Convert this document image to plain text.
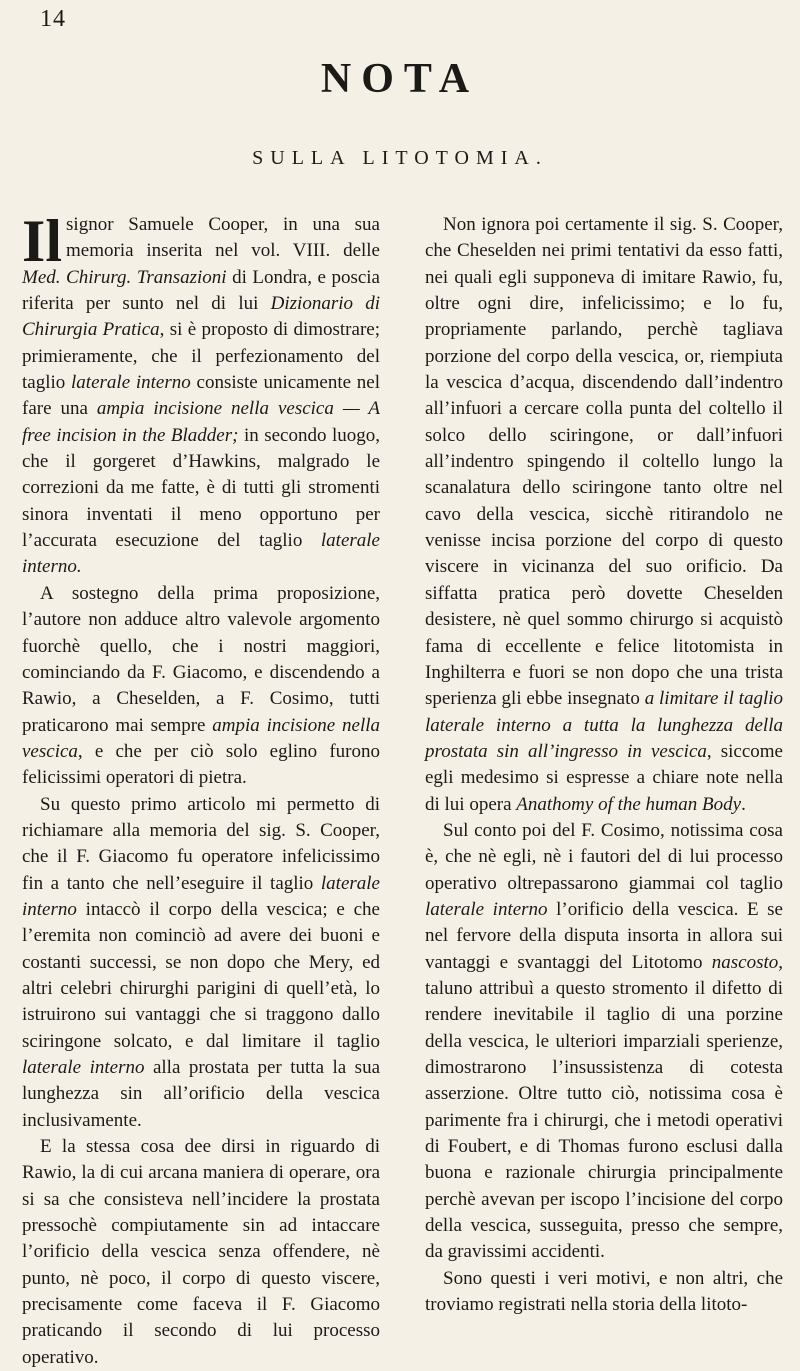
14
NOTA
SULLA LITOTOMIA.

Il signor Samuele Cooper, in una sua memoria inserita nel vol. VIII. delle Med. Chirurg. Transazioni di Londra, e poscia riferita per sunto nel di lui Dizionario di Chirurgia Pratica, si è proposto di dimostrare; primieramente, che il perfezionamento del taglio laterale interno consiste unicamente nel fare una ampia incisione nella vescica — A free incision in the Bladder; in secondo luogo, che il gorgeret d’Hawkins, malgrado le correzioni da me fatte, è di tutti gli stromenti sinora inventati il meno opportuno per l’accurata esecuzione del taglio laterale interno.

A sostegno della prima proposizione, l’autore non adduce altro valevole argomento fuorchè quello, che i nostri maggiori, cominciando da F. Giacomo, e discendendo a Rawio, a Cheselden, a F. Cosimo, tutti praticarono mai sempre ampia incisione nella vescica, e che per ciò solo eglino furono felicissimi operatori di pietra.

Su questo primo articolo mi permetto di richiamare alla memoria del sig. S. Cooper, che il F. Giacomo fu operatore infelicissimo fin a tanto che nell’eseguire il taglio laterale interno intaccò il corpo della vescica; e che l’eremita non cominciò ad avere dei buoni e costanti successi, se non dopo che Mery, ed altri celebri chirurghi parigini di quell’età, lo istruirono sui vantaggi che si traggono dallo sciringone solcato, e dal limitare il taglio laterale interno alla prostata per tutta la sua lunghezza sin all’orificio della vescica inclusivamente.

E la stessa cosa dee dirsi in riguardo di Rawio, la di cui arcana maniera di operare, ora si sa che consisteva nell’incidere la prostata pressochè compiutamente sin ad intaccare l’orificio della vescica senza offendere, nè punto, nè poco, il corpo di questo viscere, precisamente come faceva il F. Giacomo praticando il secondo di lui processo operativo.

Non ignora poi certamente il sig. S. Cooper, che Cheselden nei primi tentativi da esso fatti, nei quali egli supponeva di imitare Rawio, fu, oltre ogni dire, infelicissimo; e lo fu, propriamente parlando, perchè tagliava porzione del corpo della vescica, or, riempiuta la vescica d’acqua, discendendo dall’indentro all’infuori a cercare colla punta del coltello il solco dello sciringone, or dall’infuori all’indentro spingendo il coltello lungo la scanalatura dello sciringone tanto oltre nel cavo della vescica, sicchè ritirandolo ne venisse incisa porzione del corpo di questo viscere in vicinanza del suo orificio. Da siffatta pratica però dovette Cheselden desistere, nè quel sommo chirurgo si acquistò fama di eccellente e felice litotomista in Inghilterra e fuori se non dopo che una trista sperienza gli ebbe insegnato a limitare il taglio laterale interno a tutta la lunghezza della prostata sin all’ingresso in vescica, siccome egli medesimo si espresse a chiare note nella di lui opera Anathomy of the human Body.

Sul conto poi del F. Cosimo, notissima cosa è, che nè egli, nè i fautori del di lui processo operativo oltrepassarono giammai col taglio laterale interno l’orificio della vescica. E se nel fervore della disputa insorta in allora sui vantaggi e svantaggi del Litotomo nascosto, taluno attribuì a questo stromento il difetto di rendere inevitabile il taglio di una porzine della vescica, le ulteriori imparziali sperienze, dimostrarono l’insussistenza di cotesta asserzione. Oltre tutto ciò, notissima cosa è parimente fra i chirurgi, che i metodi operativi di Foubert, e di Thomas furono esclusi dalla buona e razionale chirurgia principalmente perchè avevan per iscopo l’incisione del corpo della vescica, susseguita, presso che sempre, da gravissimi accidenti.

Sono questi i veri motivi, e non altri, che troviamo registrati nella storia della litoto-
